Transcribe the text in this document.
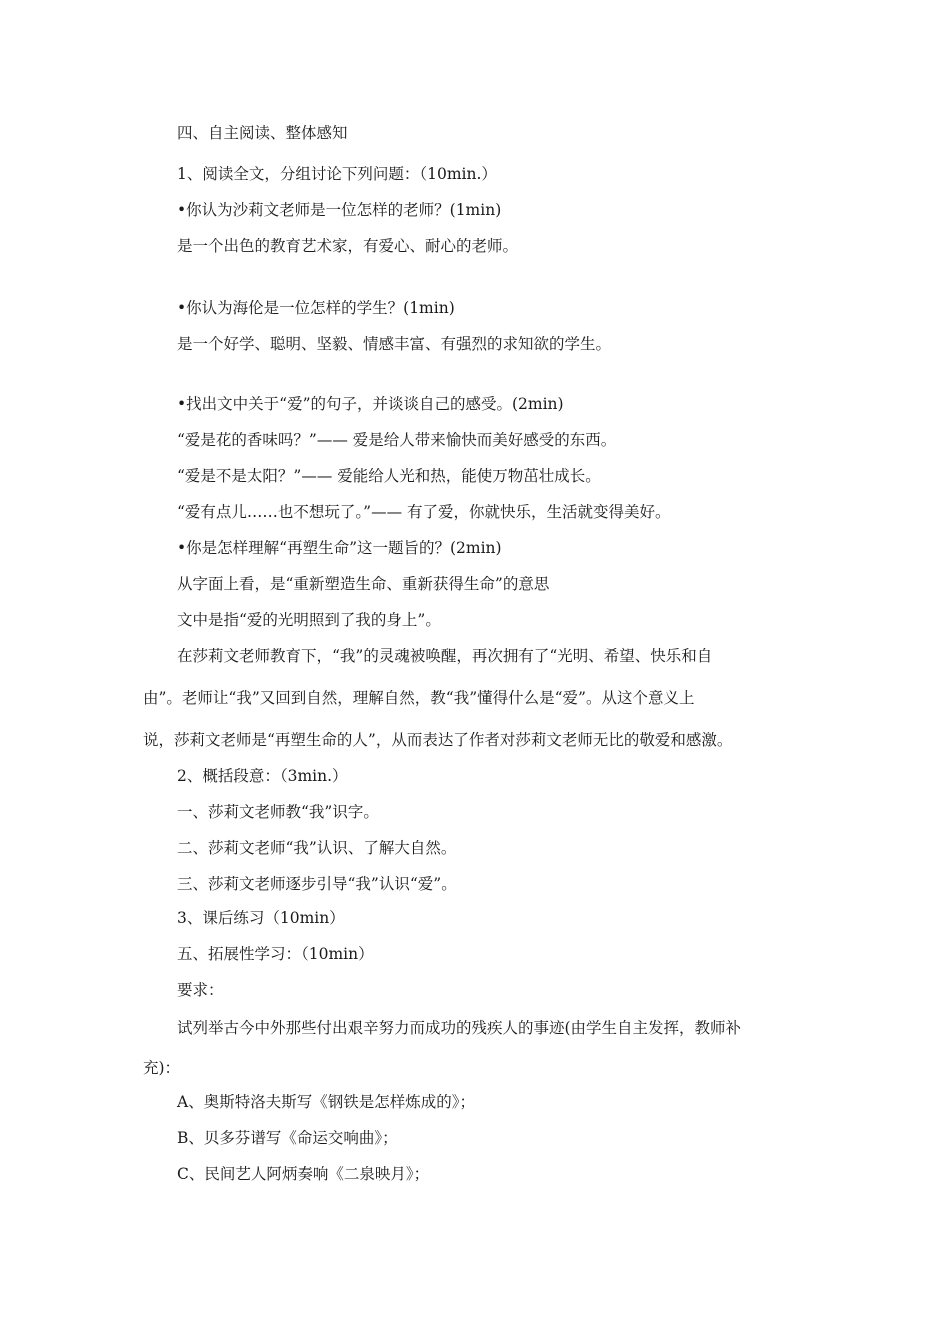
四、自主阅读、整体感知
1、阅读全文，分组讨论下列问题：（10min.）
•你认为沙莉文老师是一位怎样的老师？(1min)
是一个出色的教育艺术家，有爱心、耐心的老师。
•你认为海伦是一位怎样的学生？(1min)
是一个好学、聪明、坚毅、情感丰富、有强烈的求知欲的学生。
•找出文中关于“爱”的句子，并谈谈自己的感受。(2min)
“爱是花的香味吗？”—— 爱是给人带来愉快而美好感受的东西。
“爱是不是太阳？”—— 爱能给人光和热，能使万物茁壮成长。
“爱有点儿……也不想玩了。”—— 有了爱，你就快乐，生活就变得美好。
•你是怎样理解“再塑生命”这一题旨的？(2min)
从字面上看，是“重新塑造生命、重新获得生命”的意思
文中是指“爱的光明照到了我的身上”。
在莎莉文老师教育下，“我”的灵魂被唤醒，再次拥有了“光明、希望、快乐和自
由”。老师让“我”又回到自然，理解自然，教“我”懂得什么是“爱”。从这个意义上
说，莎莉文老师是“再塑生命的人”，从而表达了作者对莎莉文老师无比的敬爱和感激。
2、概括段意：（3min.）
一、莎莉文老师教“我”识字。
二、莎莉文老师“我”认识、了解大自然。
三、莎莉文老师逐步引导“我”认识“爱”。
3、课后练习（10min）
五、拓展性学习：（10min）
要求：
试列举古今中外那些付出艰辛努力而成功的残疾人的事迹(由学生自主发挥，教师补
充)：
A、奥斯特洛夫斯写《钢铁是怎样炼成的》；
B、贝多芬谱写《命运交响曲》；
C、民间艺人阿炳奏响《二泉映月》；
